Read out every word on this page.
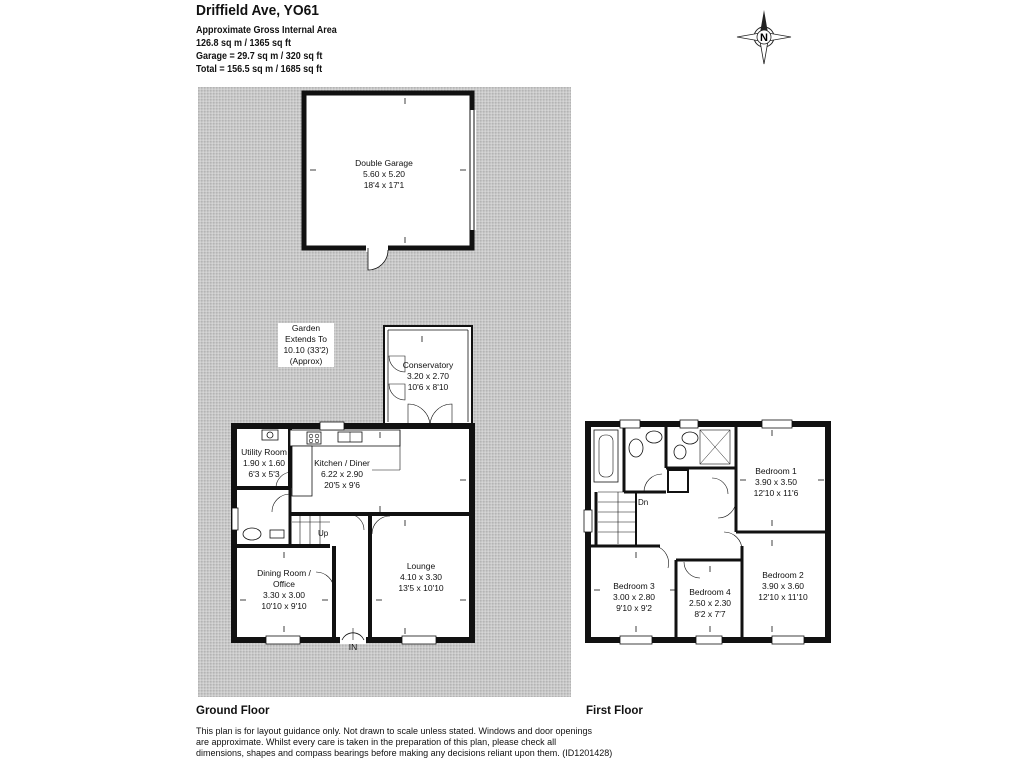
Driffield Ave, YO61
Approximate Gross Internal Area
126.8 sq m / 1365 sq ft
Garage = 29.7 sq m / 320 sq ft
Total = 156.5 sq m / 1685 sq ft
N
Double Garage
5.60 x 5.20
18'4 x 17'1
Garden
Extends To
10.10 (33'2)
(Approx)	Conservatory
3.20 x 2.70
10'6 x 8'10
Utility Room
1.90 x 1.60
6'3 x 5'3
Kitchen / Diner
6.22 x 2.90
20'5 x 9'6
Up
Dining Room /
Office
3.30 x 3.00
10'10 x 9'10
Lounge
4.10 x 3.30
13'5 x 10'10
IN
Dn
Bedroom 1
3.90 x 3.50
12'10 x 11'6
Bedroom 2
3.90 x 3.60
12'10 x 11'10
Bedroom 3
3.00 x 2.80
9'10 x 9'2
Bedroom 4
2.50 x 2.30
8'2 x 7'7
Ground Floor	First Floor
This plan is for layout guidance only. Not drawn to scale unless stated. Windows and door openings
are approximate. Whilst every care is taken in the preparation of this plan, please check all
dimensions, shapes and compass bearings before making any decisions reliant upon them. (ID1201428)
